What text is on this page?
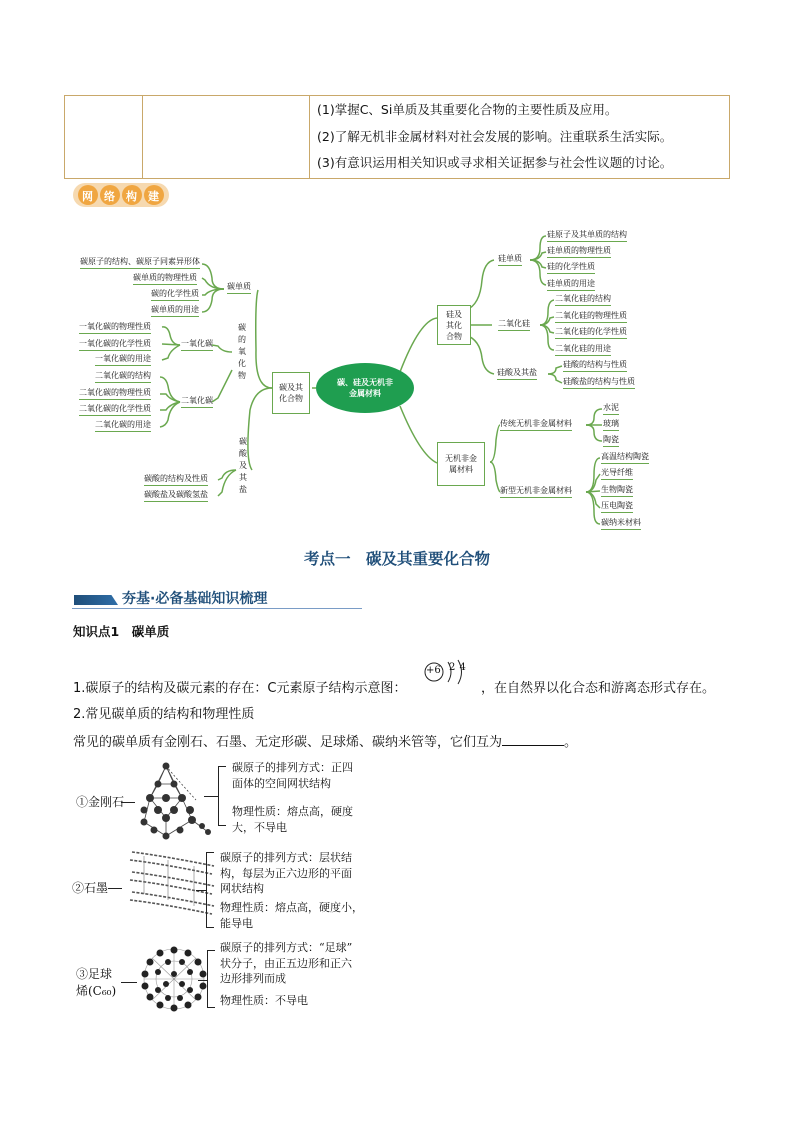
(1)掌握C、Si单质及其重要化合物的主要性质及应用。
(2)了解无机非金属材料对社会发展的影响。注重联系生活实际。
(3)有意识运用相关知识或寻求相关证据参与社会性议题的讨论。
网 络 构 建
碳、硅及无机非金属材料
碳及其化合物
碳单质
碳原子的结构、碳原子同素异形体
碳单质的物理性质
碳的化学性质
碳单质的用途
碳的氧化物
一氧化碳
一氧化碳的物理性质
一氧化碳的化学性质
一氧化碳的用途
二氧化碳
二氧化碳的结构
二氧化碳的物理性质
二氧化碳的化学性质
二氧化碳的用途
碳酸及其盐
碳酸的结构及性质
碳酸盐及碳酸氢盐
硅及其化合物
硅单质
硅原子及其单质的结构
硅单质的物理性质
硅的化学性质
硅单质的用途
二氧化硅
二氧化硅的结构
二氧化硅的物理性质
二氧化硅的化学性质
二氧化硅的用途
硅酸及其盐
硅酸的结构与性质
硅酸盐的结构与性质
无机非金属材料
传统无机非金属材料
水泥
玻璃
陶瓷
新型无机非金属材料
高温结构陶瓷
光导纤维
生物陶瓷
压电陶瓷
碳纳米材料
考点一　碳及其重要化合物
夯基·必备基础知识梳理
知识点1　碳单质
1.碳原子的结构及碳元素的存在：C元素原子结构示意图：
+6 2 4
，在自然界以化合态和游离态形式存在。
2.常见碳单质的结构和物理性质
常见的碳单质有金刚石、石墨、无定形碳、足球烯、碳纳米管等，它们互为	。
①金刚石
碳原子的排列方式：正四
面体的空间网状结构
物理性质：熔点高，硬度
大，不导电
②石墨
碳原子的排列方式：层状结
构，每层为正六边形的平面
网状结构
物理性质：熔点高，硬度小，
能导电
③足球
烯(C₆₀)
碳原子的排列方式：“足球”
状分子，由正五边形和正六
边形排列而成
物理性质：不导电
